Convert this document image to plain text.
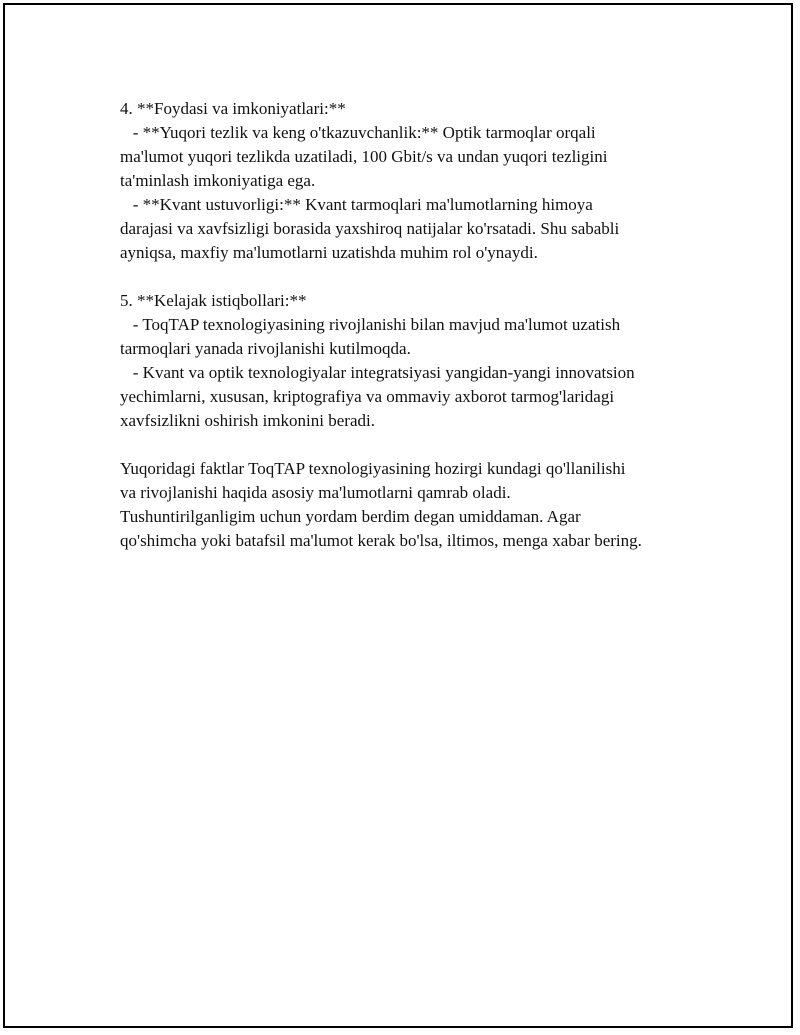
4. **Foydasi va imkoniyatlari:**
- **Yuqori tezlik va keng o'tkazuvchanlik:** Optik tarmoqlar orqali
ma'lumot yuqori tezlikda uzatiladi, 100 Gbit/s va undan yuqori tezligini
ta'minlash imkoniyatiga ega.
- **Kvant ustuvorligi:** Kvant tarmoqlari ma'lumotlarning himoya
darajasi va xavfsizligi borasida yaxshiroq natijalar ko'rsatadi. Shu sababli
ayniqsa, maxfiy ma'lumotlarni uzatishda muhim rol o'ynaydi.
5. **Kelajak istiqbollari:**
- ToqTAP texnologiyasining rivojlanishi bilan mavjud ma'lumot uzatish
tarmoqlari yanada rivojlanishi kutilmoqda.
- Kvant va optik texnologiyalar integratsiyasi yangidan-yangi innovatsion
yechimlarni, xususan, kriptografiya va ommaviy axborot tarmog'laridagi
xavfsizlikni oshirish imkonini beradi.
Yuqoridagi faktlar ToqTAP texnologiyasining hozirgi kundagi qo'llanilishi
va rivojlanishi haqida asosiy ma'lumotlarni qamrab oladi.
Tushuntirilganligim uchun yordam berdim degan umiddaman. Agar
qo'shimcha yoki batafsil ma'lumot kerak bo'lsa, iltimos, menga xabar bering.
